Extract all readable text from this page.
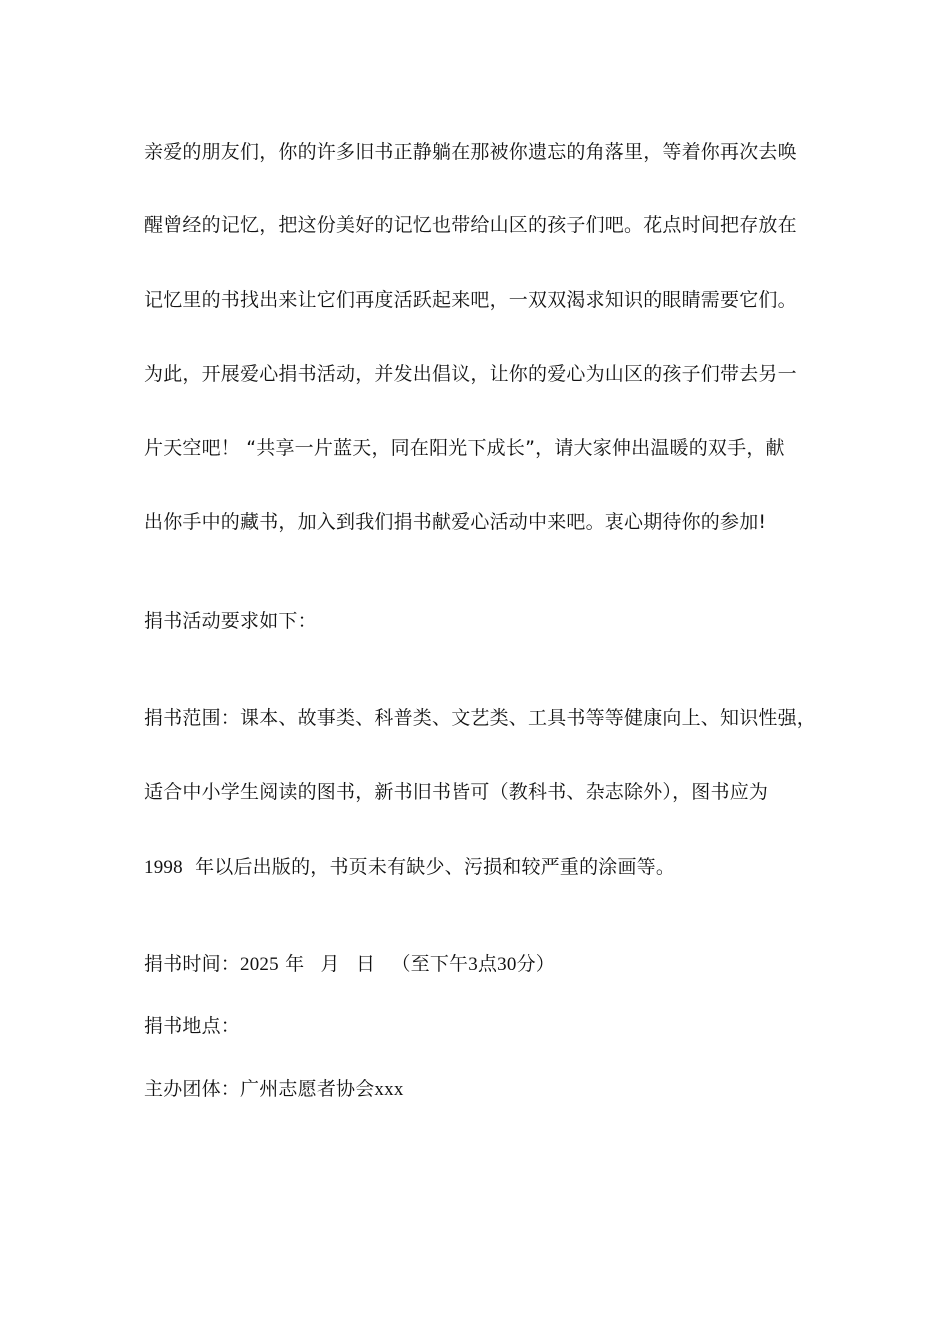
亲爱的朋友们，你的许多旧书正静躺在那被你遗忘的角落里，等着你再次去唤
醒曾经的记忆，把这份美好的记忆也带给山区的孩子们吧。花点时间把存放在
记忆里的书找出来让它们再度活跃起来吧，一双双渴求知识的眼睛需要它们。
为此，开展爱心捐书活动，并发出倡议，让你的爱心为山区的孩子们带去另一
片天空吧！ “共享一片蓝天，同在阳光下成长”，请大家伸出温暖的双手，献
出你手中的藏书，加入到我们捐书献爱心活动中来吧。衷心期待你的参加!
捐书活动要求如下：
捐书范围：课本、故事类、科普类、文艺类、工具书等等健康向上、知识性强，
适合中小学生阅读的图书，新书旧书皆可（教科书、杂志除外），图书应为
1998 年以后出版的，书页未有缺少、污损和较严重的涂画等。
捐书时间：2025 年 月 日 （至下午3点30分）
捐书地点：
主办团体：广州志愿者协会xxx
